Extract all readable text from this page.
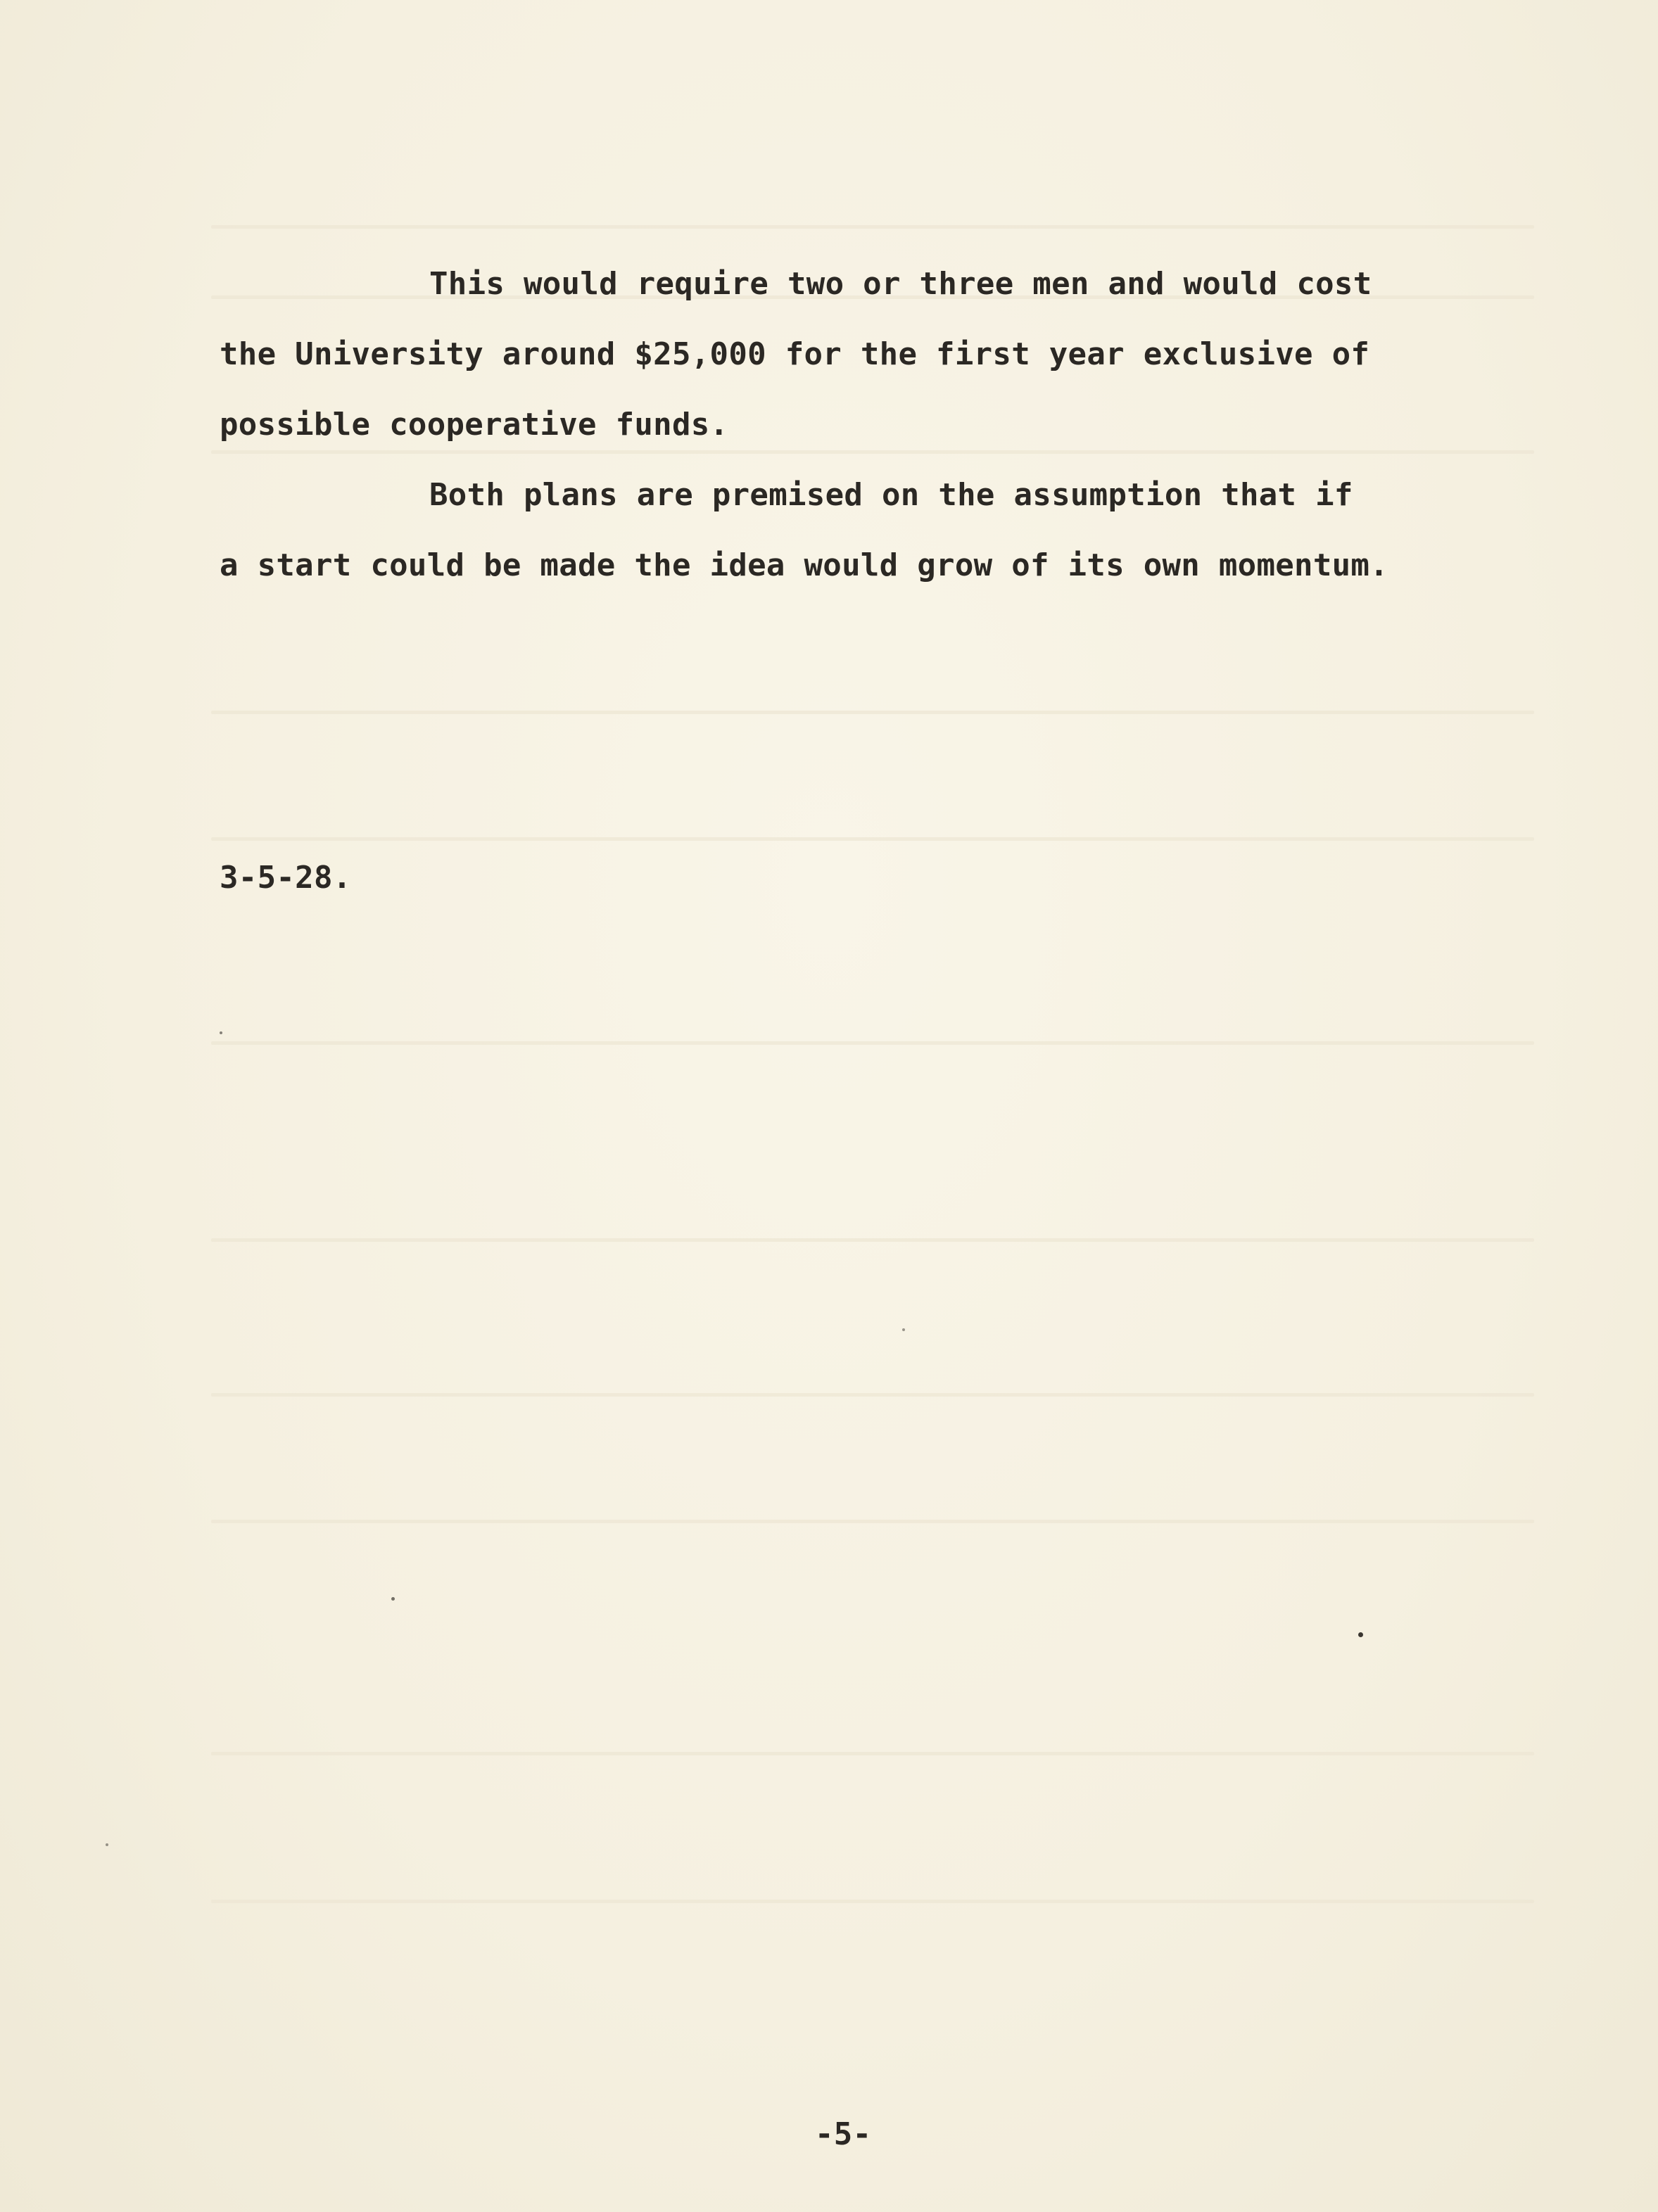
This would require two or three men and would cost
the University around $25,000 for the first year exclusive of
possible cooperative funds.
Both plans are premised on the assumption that if
a start could be made the idea would grow of its own momentum.
3-5-28.
-5-
